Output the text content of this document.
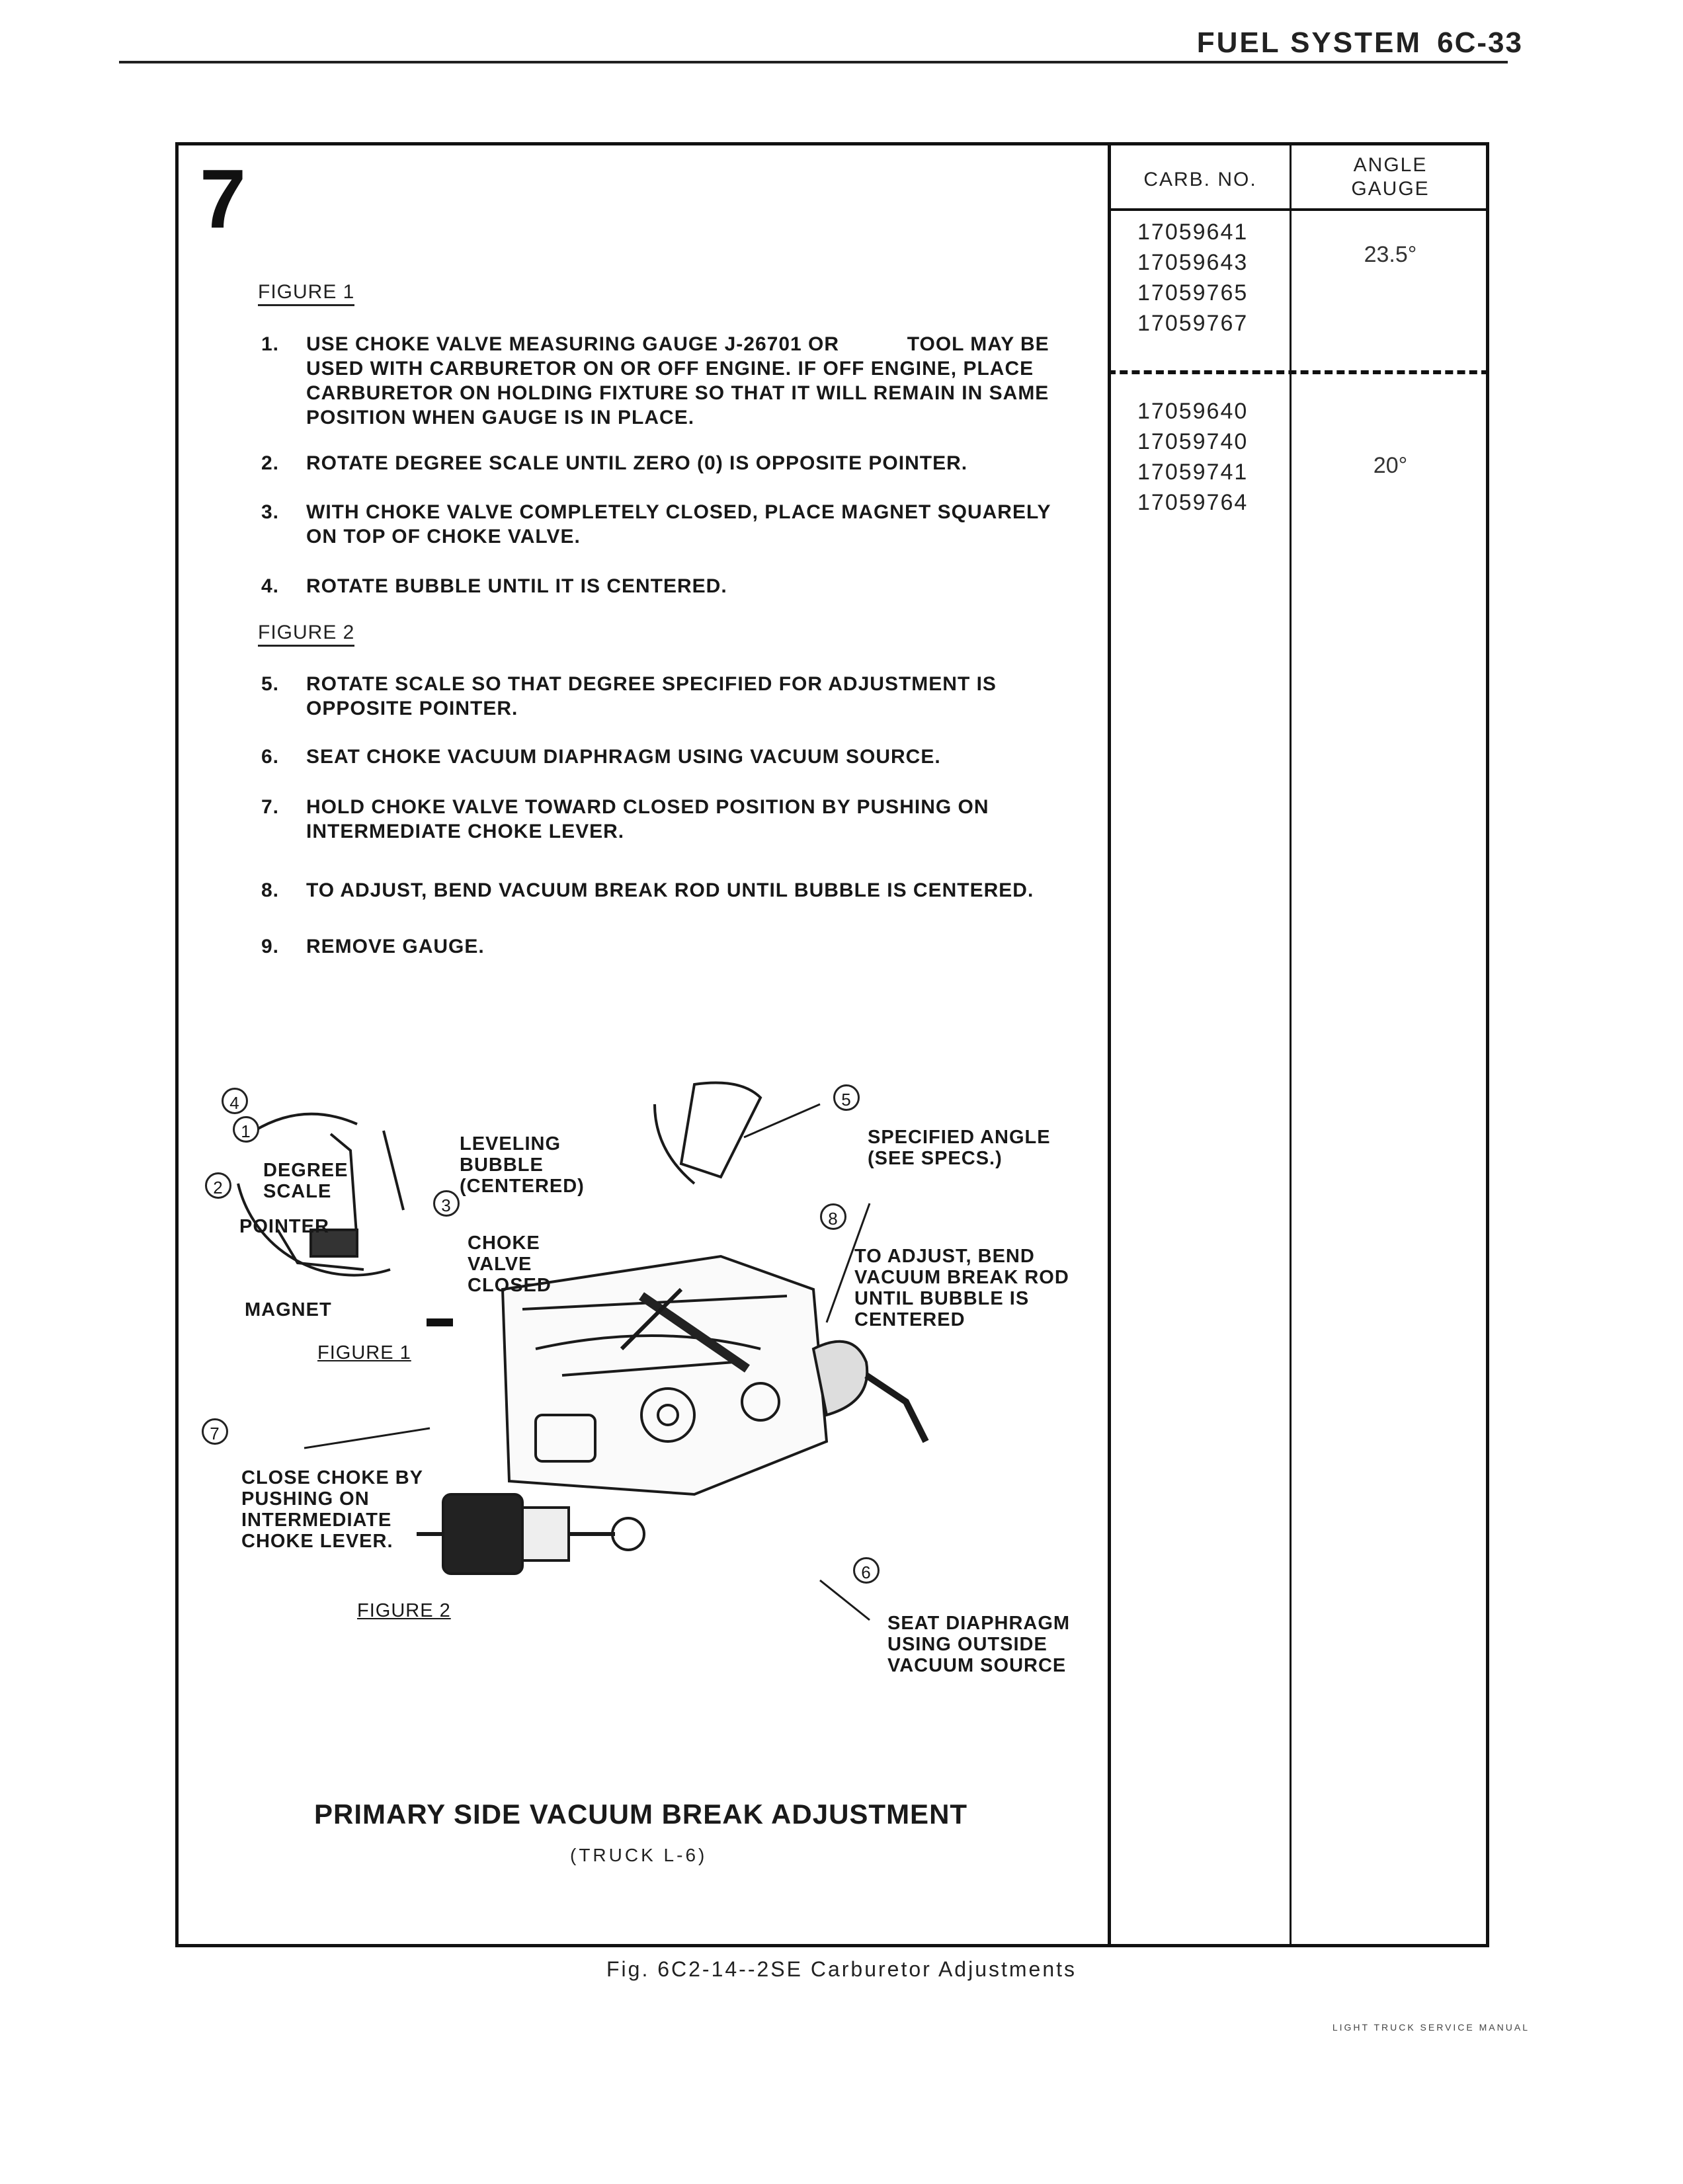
FUEL SYSTEM 6C-33
CARB. NO.
ANGLE
GAUGE
17059641
17059643
17059765
17059767
23.5°
17059640
17059740
17059741
17059764
20°
7
FIGURE 1
FIGURE 2
1. USE CHOKE VALVE MEASURING GAUGE J-26701 OR           TOOL MAY BE USED WITH CARBURETOR ON OR OFF ENGINE. IF OFF ENGINE, PLACE CARBURETOR ON HOLDING FIXTURE SO THAT IT WILL REMAIN IN SAME POSITION WHEN GAUGE IS IN PLACE.
2. ROTATE DEGREE SCALE UNTIL ZERO (0) IS OPPOSITE POINTER.
3. WITH CHOKE VALVE COMPLETELY CLOSED, PLACE MAGNET SQUARELY ON TOP OF CHOKE VALVE.
4. ROTATE BUBBLE UNTIL IT IS CENTERED.
5. ROTATE SCALE SO THAT DEGREE SPECIFIED FOR ADJUSTMENT IS OPPOSITE POINTER.
6. SEAT CHOKE VACUUM DIAPHRAGM USING VACUUM SOURCE.
7. HOLD CHOKE VALVE TOWARD CLOSED POSITION BY PUSHING ON INTERMEDIATE CHOKE LEVER.
8. TO ADJUST, BEND VACUUM BREAK ROD UNTIL BUBBLE IS CENTERED.
9. REMOVE GAUGE.

4

LEVELING
BUBBLE
(CENTERED)

1

DEGREE
SCALE

2

POINTER

3

CHOKE
VALVE
CLOSED

MAGNET
FIGURE 1

5

SPECIFIED ANGLE
(SEE SPECS.)

8

TO ADJUST, BEND
VACUUM BREAK ROD
UNTIL BUBBLE IS
CENTERED

7

CLOSE CHOKE BY
PUSHING ON
INTERMEDIATE
CHOKE LEVER.

6

SEAT DIAPHRAGM
USING OUTSIDE
VACUUM SOURCE

FIGURE 2
PRIMARY SIDE VACUUM BREAK ADJUSTMENT
(TRUCK L-6)
Fig. 6C2-14--2SE Carburetor Adjustments
LIGHT TRUCK SERVICE MANUAL
